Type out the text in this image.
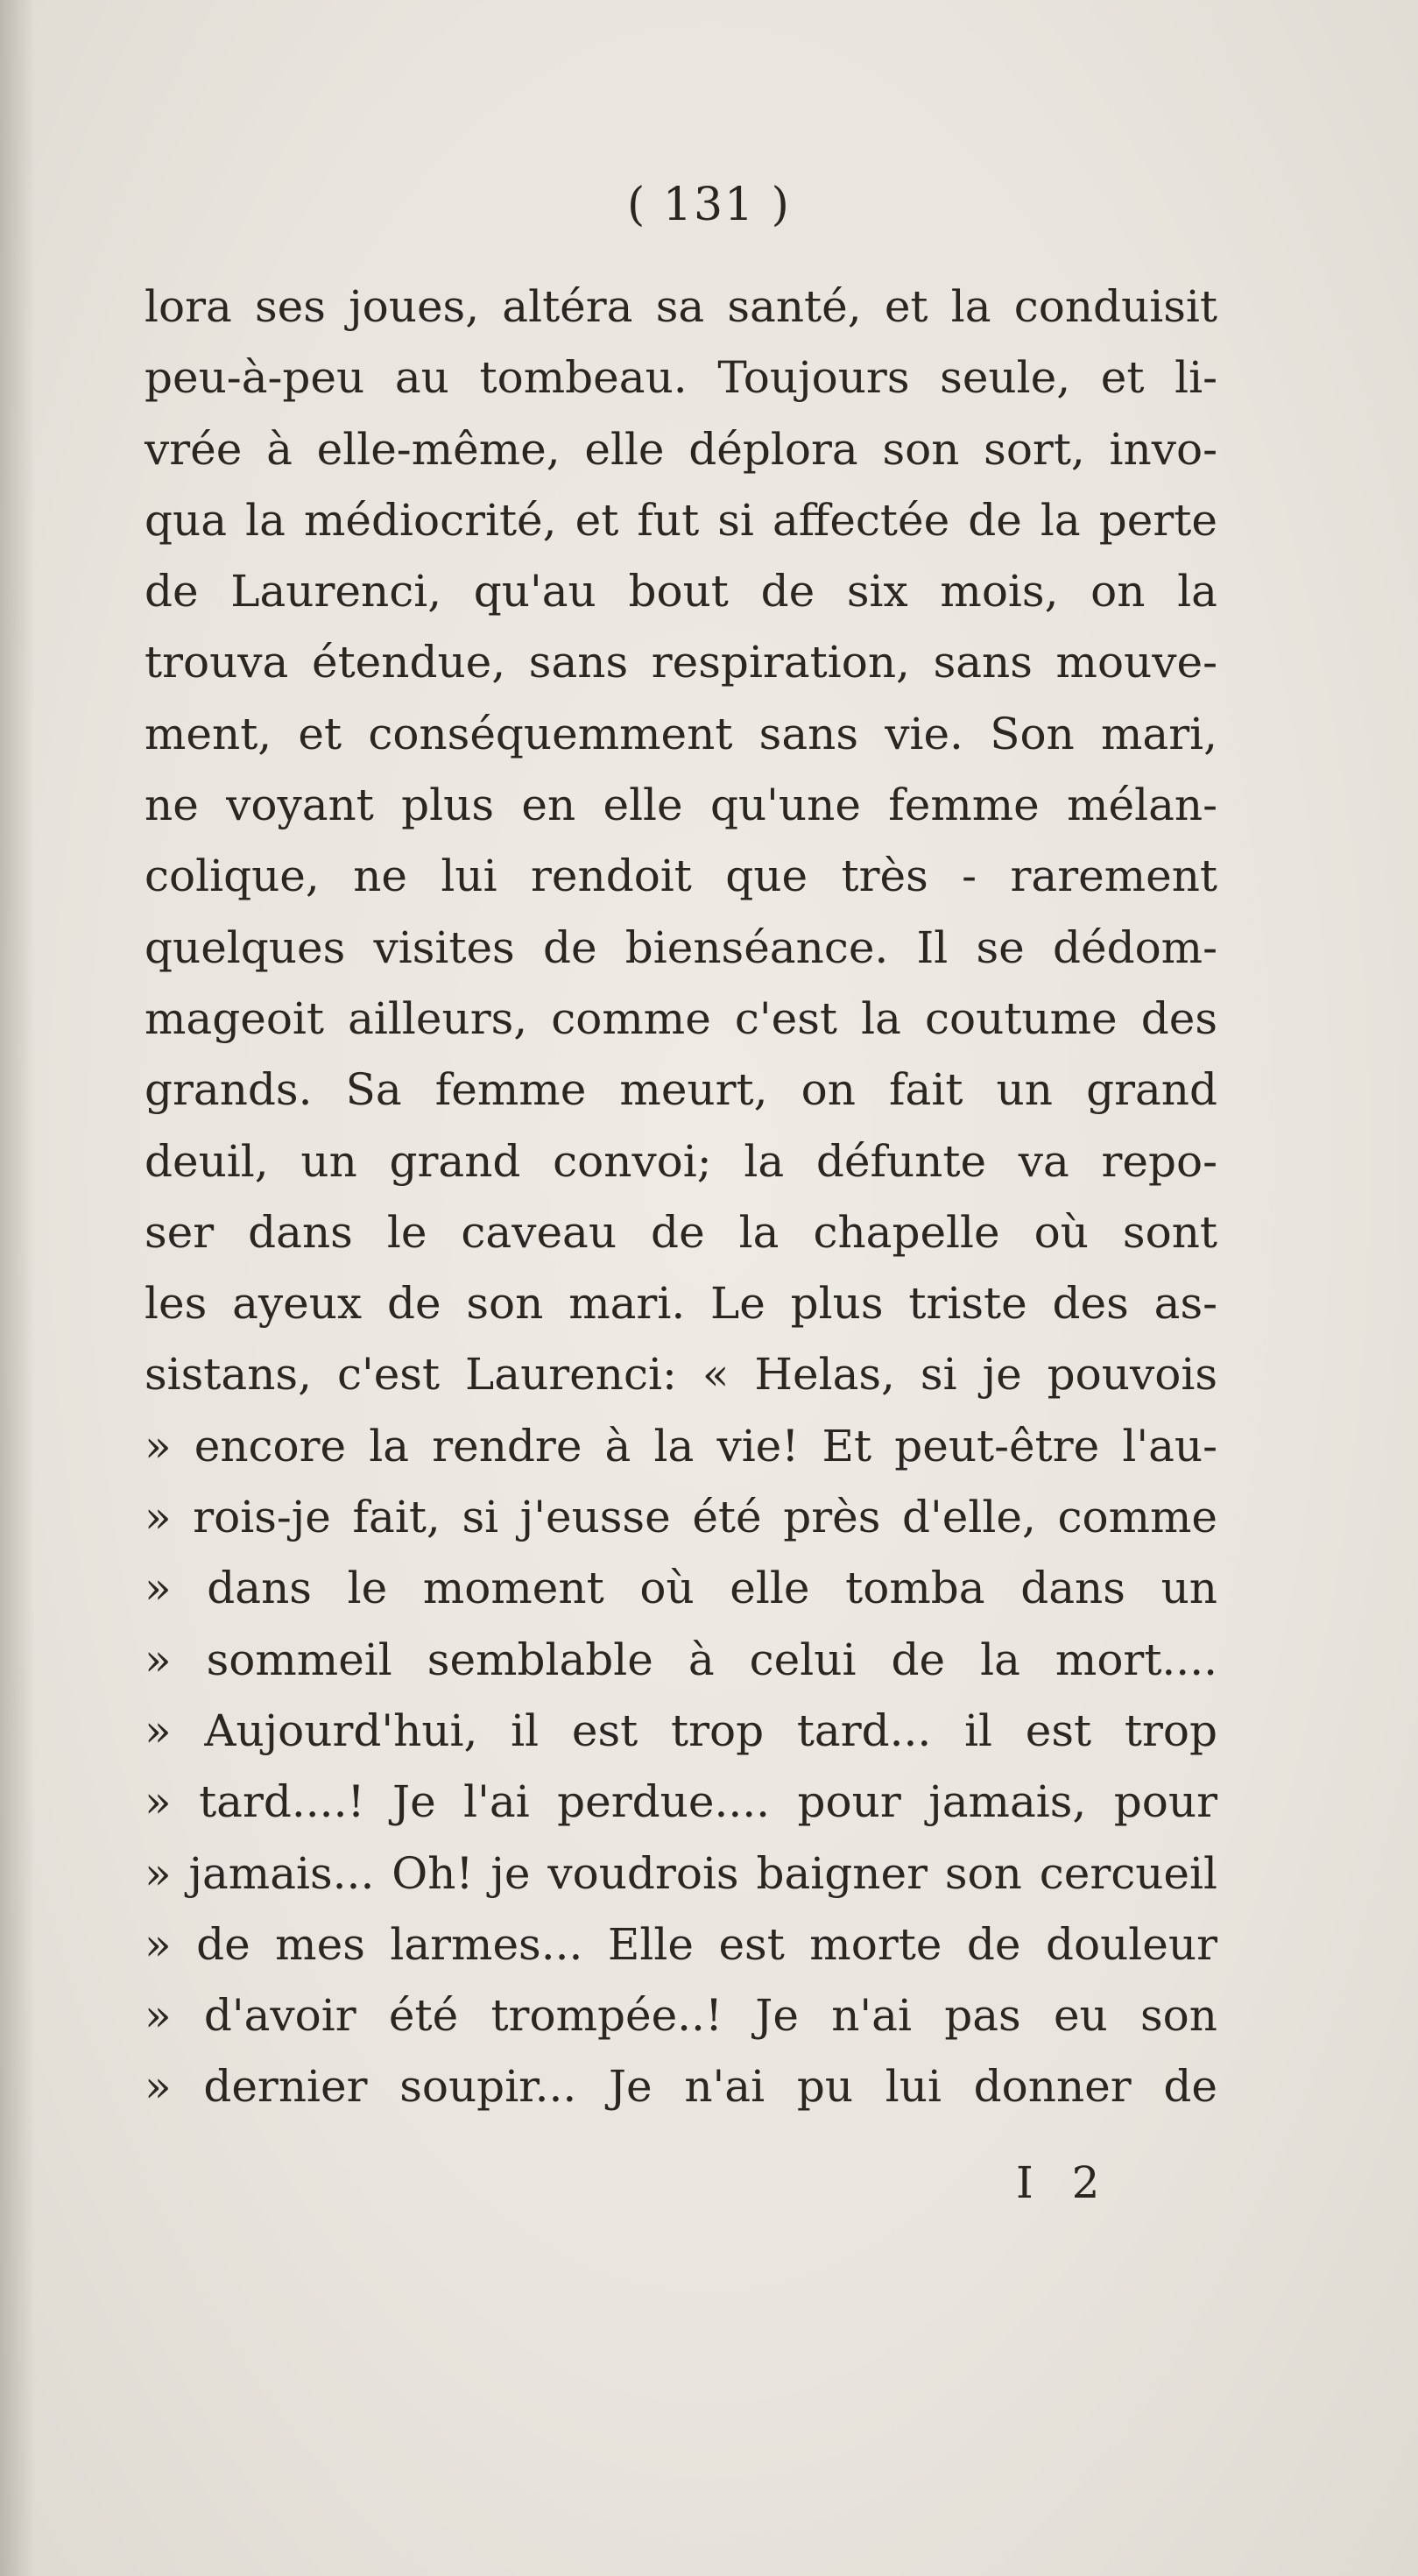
( 131 )
lora ses joues, altéra sa santé, et la conduisit
peu-à-peu au tombeau. Toujours seule, et li-
vrée à elle-même, elle déplora son sort, invo-
qua la médiocrité, et fut si affectée de la perte
de Laurenci, qu'au bout de six mois, on la
trouva étendue, sans respiration, sans mouve-
ment, et conséquemment sans vie. Son mari,
ne voyant plus en elle qu'une femme mélan-
colique, ne lui rendoit que très - rarement
quelques visites de bienséance. Il se dédom-
mageoit ailleurs, comme c'est la coutume des
grands. Sa femme meurt, on fait un grand
deuil, un grand convoi; la défunte va repo-
ser dans le caveau de la chapelle où sont
les ayeux de son mari. Le plus triste des as-
sistans, c'est Laurenci: « Helas, si je pouvois
» encore la rendre à la vie! Et peut-être l'au-
» rois-je fait, si j'eusse été près d'elle, comme
» dans le moment où elle tomba dans un
» sommeil semblable à celui de la mort....
» Aujourd'hui, il est trop tard... il est trop
» tard....! Je l'ai perdue.... pour jamais, pour
» jamais... Oh! je voudrois baigner son cercueil
» de mes larmes... Elle est morte de douleur
» d'avoir été trompée..! Je n'ai pas eu son
» dernier soupir... Je n'ai pu lui donner de
I 2
